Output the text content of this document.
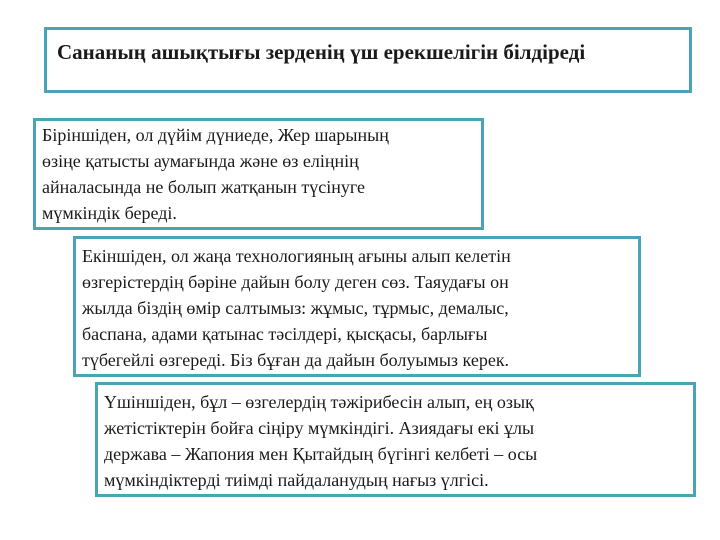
Сананың ашықтығы зерденің үш ерекшелігін білдіреді
Біріншіден, ол дүйім дүниеде, Жер шарының
өзіңе қатысты аумағында және өз еліңнің
айналасында не болып жатқанын түсінуге
мүмкіндік береді.
Екіншіден, ол жаңа технологияның ағыны алып келетін
өзгерістердің бәріне дайын болу деген сөз. Таяудағы он
жылда біздің өмір салтымыз: жұмыс, тұрмыс, демалыс,
баспана, адами қатынас тәсілдері, қысқасы, барлығы
түбегейлі өзгереді. Біз бұған да дайын болуымыз керек.
Үшіншіден, бұл – өзгелердің тәжірибесін алып, ең озық
жетістіктерін бойға сіңіру мүмкіндігі. Азиядағы екі ұлы
держава – Жапония мен Қытайдың бүгінгі келбеті – осы
мүмкіндіктерді тиімді пайдаланудың нағыз үлгісі.
